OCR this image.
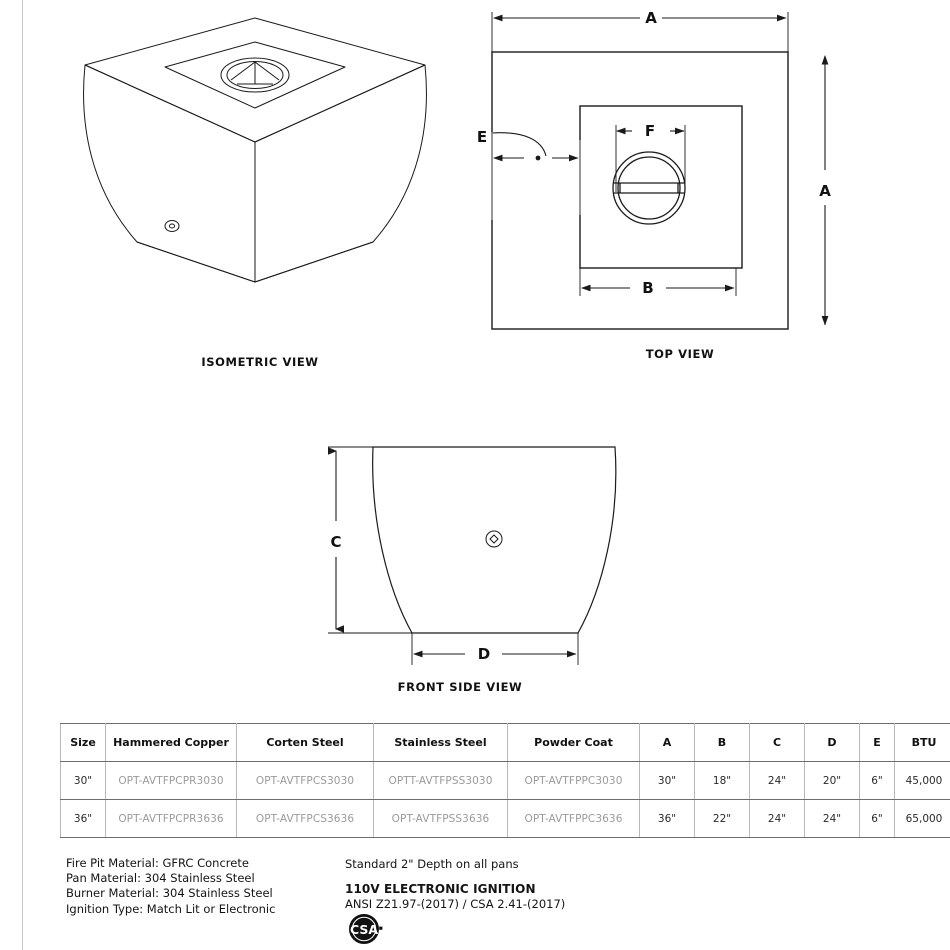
ISOMETRIC VIEW
A
A
B
F
E
TOP VIEW
C
D
FRONT SIDE VIEW
Size	Hammered Copper	Corten Steel	Stainless Steel	Powder Coat	A	B	C	D	E	BTU
30"	OPT-AVTFPCPR3030	OPT-AVTFPCS3030	OPTT-AVTFPSS3030	OPT-AVTFPPC3030	30"	18"	24"	20"	6"	45,000
36"	OPT-AVTFPCPR3636	OPT-AVTFPCS3636	OPT-AVTFPSS3636	OPT-AVTFPPC3636	36"	22"	24"	24"	6"	65,000
Fire Pit Material: GFRC Concrete
Pan Material: 304 Stainless Steel
Burner Material: 304 Stainless Steel
Ignition Type: Match Lit or Electronic
Standard 2" Depth on all pans
110V ELECTRONIC IGNITION
ANSI Z21.97-(2017) / CSA 2.41-(2017)
CSA
